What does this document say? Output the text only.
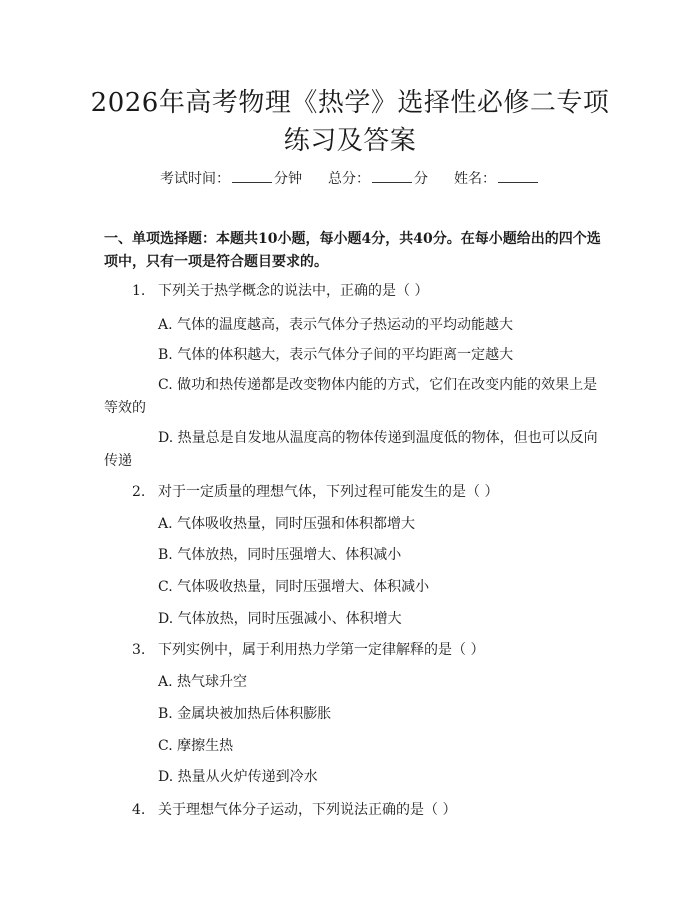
2026年高考物理《热学》选择性必修二专项
练习及答案
考试时间：	分钟 总分：	分 姓名：
一、单项选择题：本题共10小题，每小题4分，共40分。在每小题给出的四个选项中，只有一项是符合题目要求的。
1. 下列关于热学概念的说法中，正确的是（ ）
A. 气体的温度越高，表示气体分子热运动的平均动能越大
B. 气体的体积越大，表示气体分子间的平均距离一定越大
C. 做功和热传递都是改变物体内能的方式，它们在改变内能的效果上是
等效的
D. 热量总是自发地从温度高的物体传递到温度低的物体，但也可以反向
传递
2. 对于一定质量的理想气体，下列过程可能发生的是（ ）
A. 气体吸收热量，同时压强和体积都增大
B. 气体放热，同时压强增大、体积减小
C. 气体吸收热量，同时压强增大、体积减小
D. 气体放热，同时压强减小、体积增大
3. 下列实例中，属于利用热力学第一定律解释的是（ ）
A. 热气球升空
B. 金属块被加热后体积膨胀
C. 摩擦生热
D. 热量从火炉传递到冷水
4. 关于理想气体分子运动，下列说法正确的是（ ）
